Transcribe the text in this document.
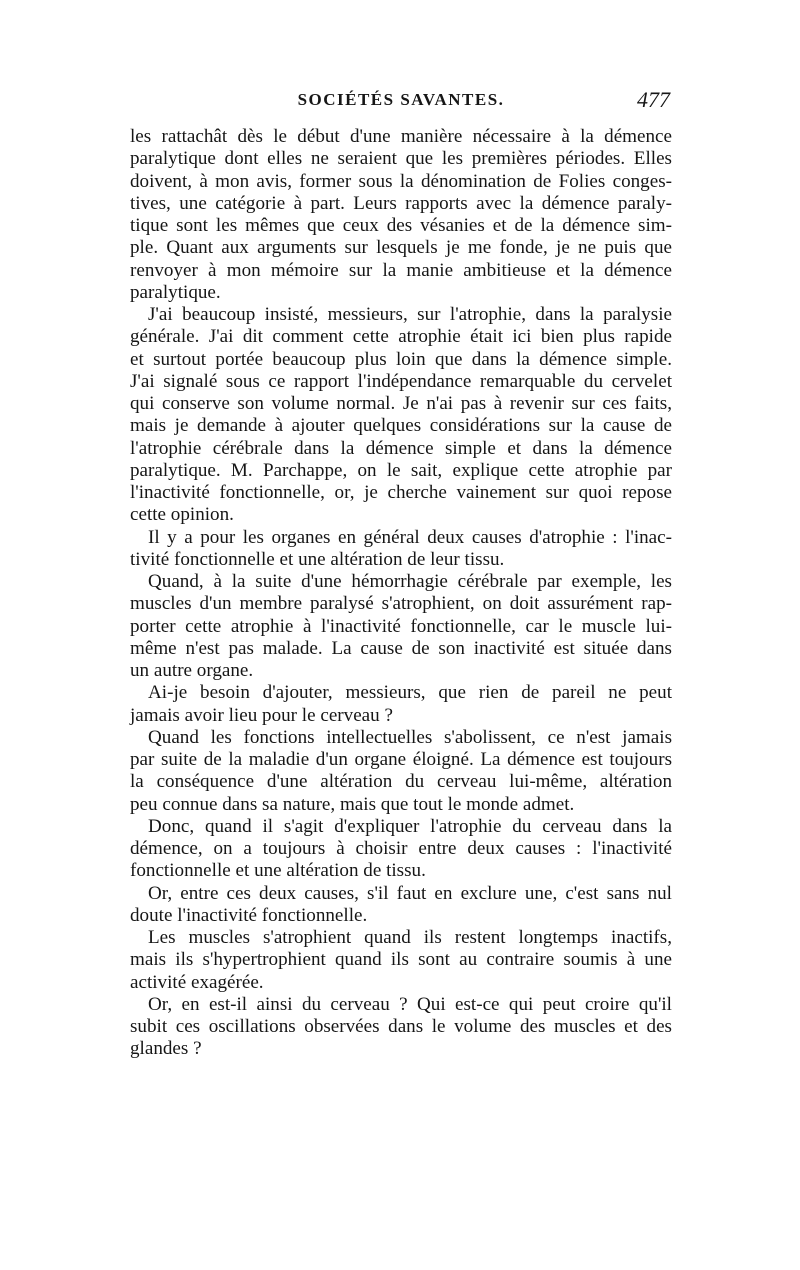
SOCIÉTÉS SAVANTES.	477
les rattachât dès le début d'une manière nécessaire à la démence
paralytique dont elles ne seraient que les premières périodes. Elles
doivent, à mon avis, former sous la dénomination de Folies conges-
tives, une catégorie à part. Leurs rapports avec la démence paraly-
tique sont les mêmes que ceux des vésanies et de la démence sim-
ple. Quant aux arguments sur lesquels je me fonde, je ne puis que
renvoyer à mon mémoire sur la manie ambitieuse et la démence
paralytique.
J'ai beaucoup insisté, messieurs, sur l'atrophie, dans la paralysie
générale. J'ai dit comment cette atrophie était ici bien plus rapide
et surtout portée beaucoup plus loin que dans la démence simple.
J'ai signalé sous ce rapport l'indépendance remarquable du cervelet
qui conserve son volume normal. Je n'ai pas à revenir sur ces faits,
mais je demande à ajouter quelques considérations sur la cause de
l'atrophie cérébrale dans la démence simple et dans la démence
paralytique. M. Parchappe, on le sait, explique cette atrophie par
l'inactivité fonctionnelle, or, je cherche vainement sur quoi repose
cette opinion.
Il y a pour les organes en général deux causes d'atrophie : l'inac-
tivité fonctionnelle et une altération de leur tissu.
Quand, à la suite d'une hémorrhagie cérébrale par exemple, les
muscles d'un membre paralysé s'atrophient, on doit assurément rap-
porter cette atrophie à l'inactivité fonctionnelle, car le muscle lui-
même n'est pas malade. La cause de son inactivité est située dans
un autre organe.
Ai-je besoin d'ajouter, messieurs, que rien de pareil ne peut
jamais avoir lieu pour le cerveau ?
Quand les fonctions intellectuelles s'abolissent, ce n'est jamais
par suite de la maladie d'un organe éloigné. La démence est toujours
la conséquence d'une altération du cerveau lui-même, altération
peu connue dans sa nature, mais que tout le monde admet.
Donc, quand il s'agit d'expliquer l'atrophie du cerveau dans la
démence, on a toujours à choisir entre deux causes : l'inactivité
fonctionnelle et une altération de tissu.
Or, entre ces deux causes, s'il faut en exclure une, c'est sans nul
doute l'inactivité fonctionnelle.
Les muscles s'atrophient quand ils restent longtemps inactifs,
mais ils s'hypertrophient quand ils sont au contraire soumis à une
activité exagérée.
Or, en est-il ainsi du cerveau ? Qui est-ce qui peut croire qu'il
subit ces oscillations observées dans le volume des muscles et des
glandes ?
